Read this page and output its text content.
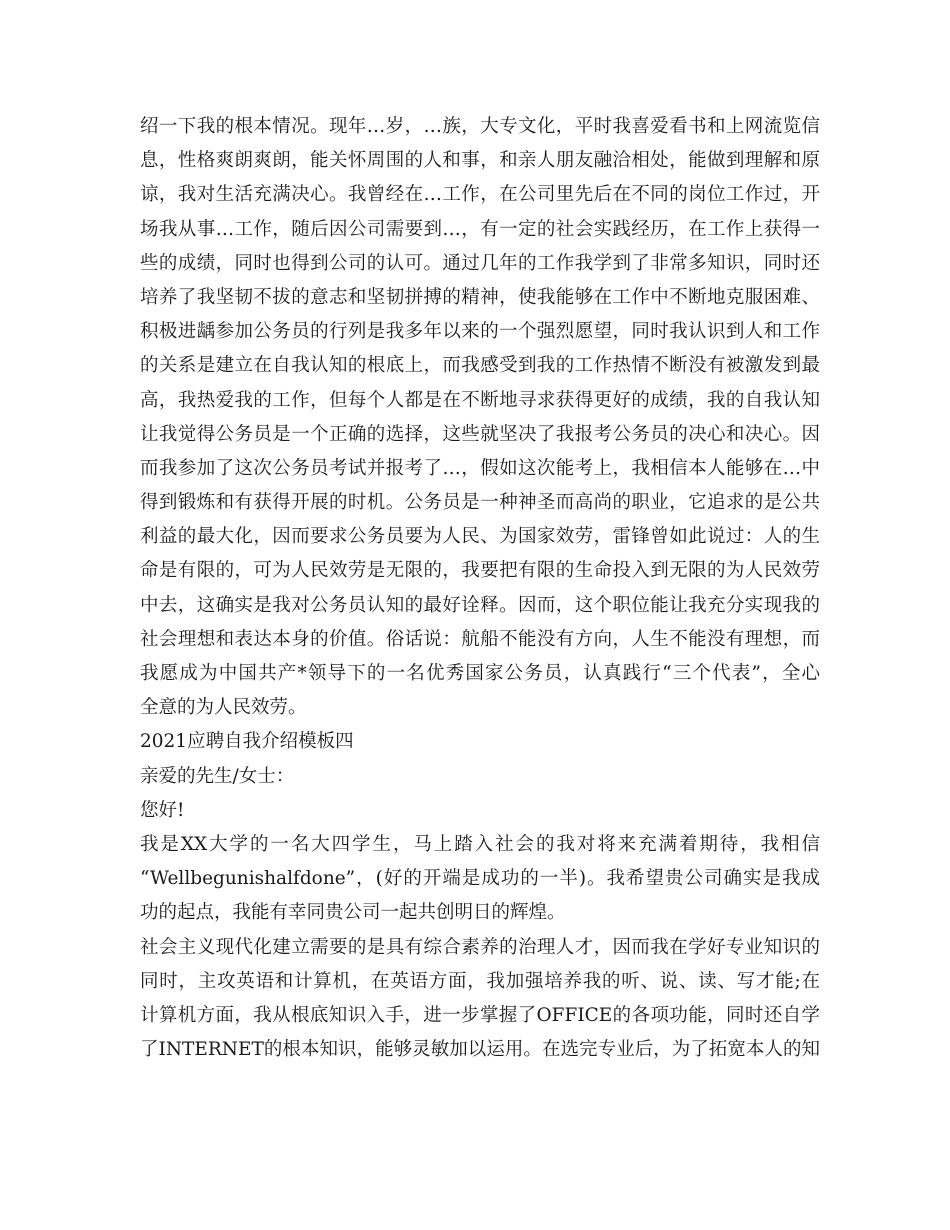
绍一下我的根本情况。现年…岁，…族，大专文化，平时我喜爱看书和上网流览信
息，性格爽朗爽朗，能关怀周围的人和事，和亲人朋友融洽相处，能做到理解和原
谅，我对生活充满决心。我曾经在…工作，在公司里先后在不同的岗位工作过，开
场我从事…工作，随后因公司需要到…，有一定的社会实践经历，在工作上获得一
些的成绩，同时也得到公司的认可。通过几年的工作我学到了非常多知识，同时还
培养了我坚韧不拔的意志和坚韧拼搏的精神，使我能够在工作中不断地克服困难、
积极进龋参加公务员的行列是我多年以来的一个强烈愿望，同时我认识到人和工作
的关系是建立在自我认知的根底上，而我感受到我的工作热情不断没有被激发到最
高，我热爱我的工作，但每个人都是在不断地寻求获得更好的成绩，我的自我认知
让我觉得公务员是一个正确的选择，这些就坚决了我报考公务员的决心和决心。因
而我参加了这次公务员考试并报考了…，假如这次能考上，我相信本人能够在…中
得到锻炼和有获得开展的时机。公务员是一种神圣而高尚的职业，它追求的是公共
利益的最大化，因而要求公务员要为人民、为国家效劳，雷锋曾如此说过：人的生
命是有限的，可为人民效劳是无限的，我要把有限的生命投入到无限的为人民效劳
中去，这确实是我对公务员认知的最好诠释。因而，这个职位能让我充分实现我的
社会理想和表达本身的价值。俗话说：航船不能没有方向，人生不能没有理想，而
我愿成为中国共产*领导下的一名优秀国家公务员，认真践行“三个代表”，全心
全意的为人民效劳。
2021应聘自我介绍模板四
亲爱的先生/女士：
您好!
我是XX大学的一名大四学生，马上踏入社会的我对将来充满着期待，我相信
“Wellbegunishalfdone”，(好的开端是成功的一半)。我希望贵公司确实是我成
功的起点，我能有幸同贵公司一起共创明日的辉煌。
社会主义现代化建立需要的是具有综合素养的治理人才，因而我在学好专业知识的
同时，主攻英语和计算机，在英语方面，我加强培养我的听、说、读、写才能;在
计算机方面，我从根底知识入手，进一步掌握了OFFICE的各项功能，同时还自学
了INTERNET的根本知识，能够灵敏加以运用。在选完专业后，为了拓宽本人的知
